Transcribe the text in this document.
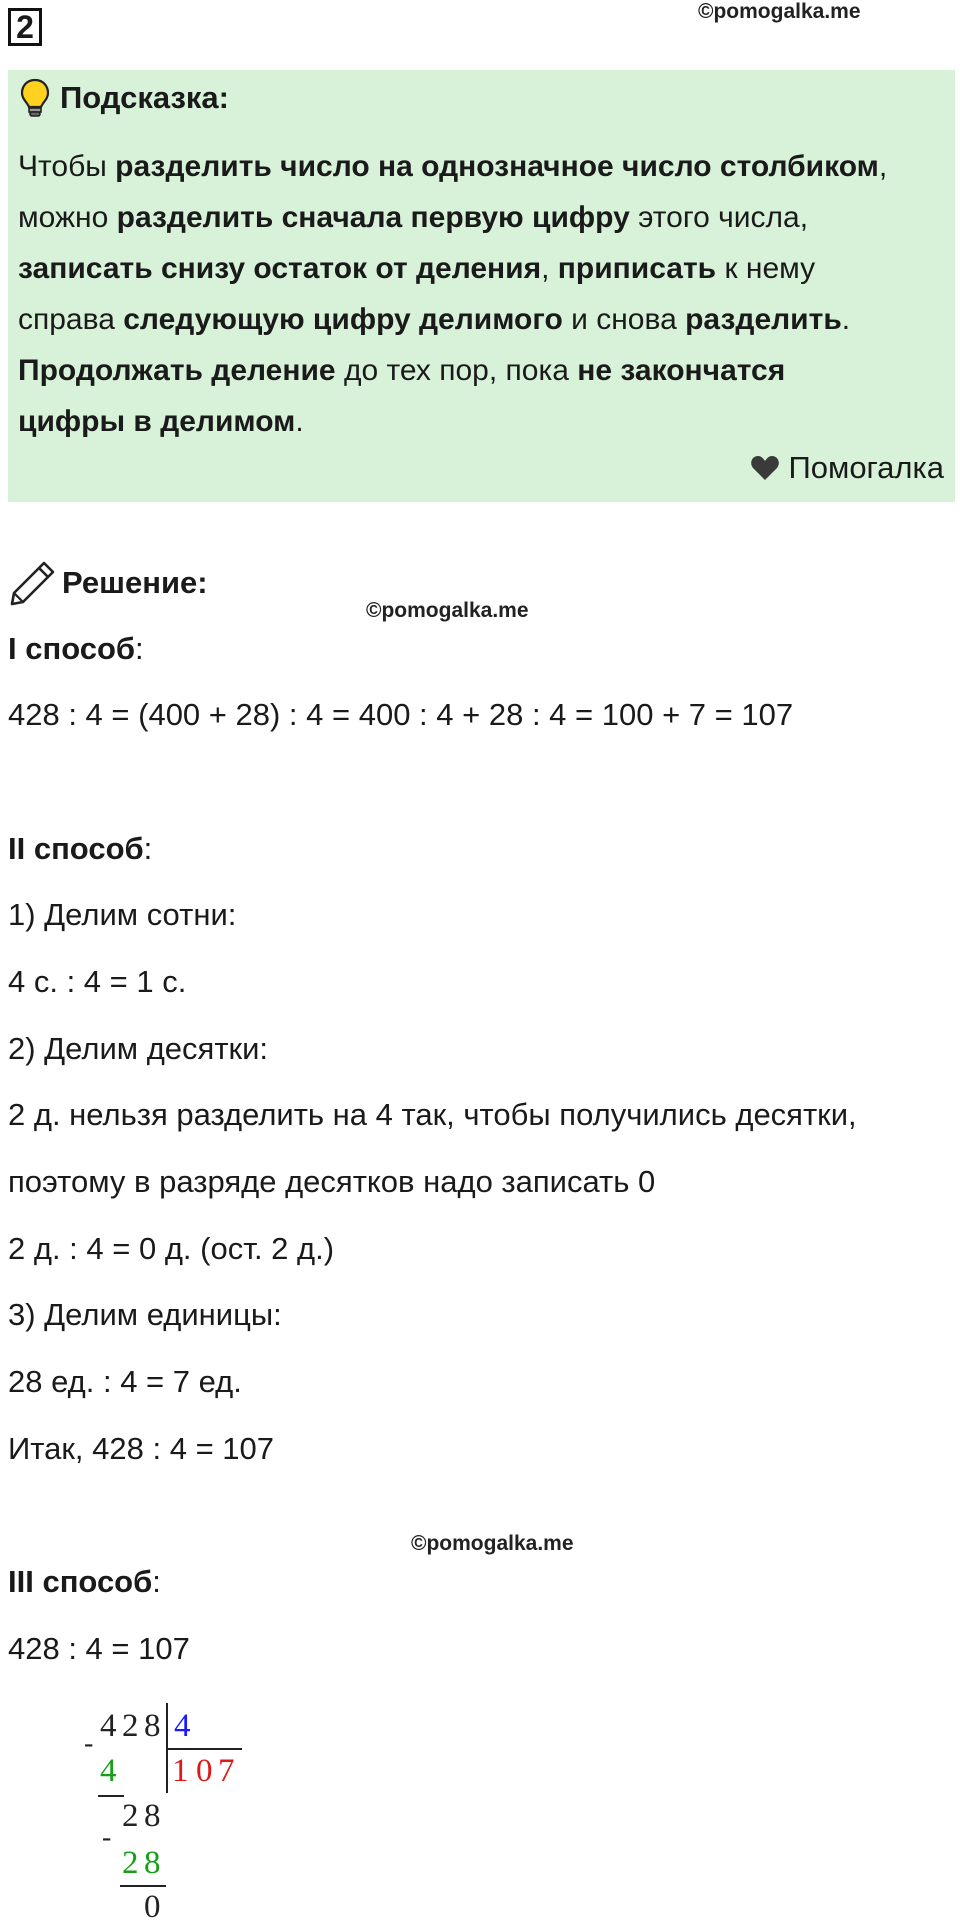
2	©pomogalka.me
Подсказка:
Чтобы разделить число на однозначное число столбиком,
можно разделить сначала первую цифру этого числа,
записать снизу остаток от деления, приписать к нему
справа следующую цифру делимого и снова разделить.
Продолжать деление до тех пор, пока не закончатся
цифры в делимом.
Помогалка
Решение:
©pomogalka.me
I способ:
428 : 4 = (400 + 28) : 4 = 400 : 4 + 28 : 4 = 100 + 7 = 107
II способ:
1) Делим сотни:
4 с. : 4 = 1 с.
2) Делим десятки:
2 д. нельзя разделить на 4 так, чтобы получились десятки,
поэтому в разряде десятков надо записать 0
2 д. : 4 = 0 д. (ост. 2 д.)
3) Делим единицы:
28 ед. : 4 = 7 ед.
Итак, 428 : 4 = 107
©pomogalka.me
III способ:
428 : 4 = 107
4 2 8 4
1 0 7
-
4
2 8
-
2 8
0
